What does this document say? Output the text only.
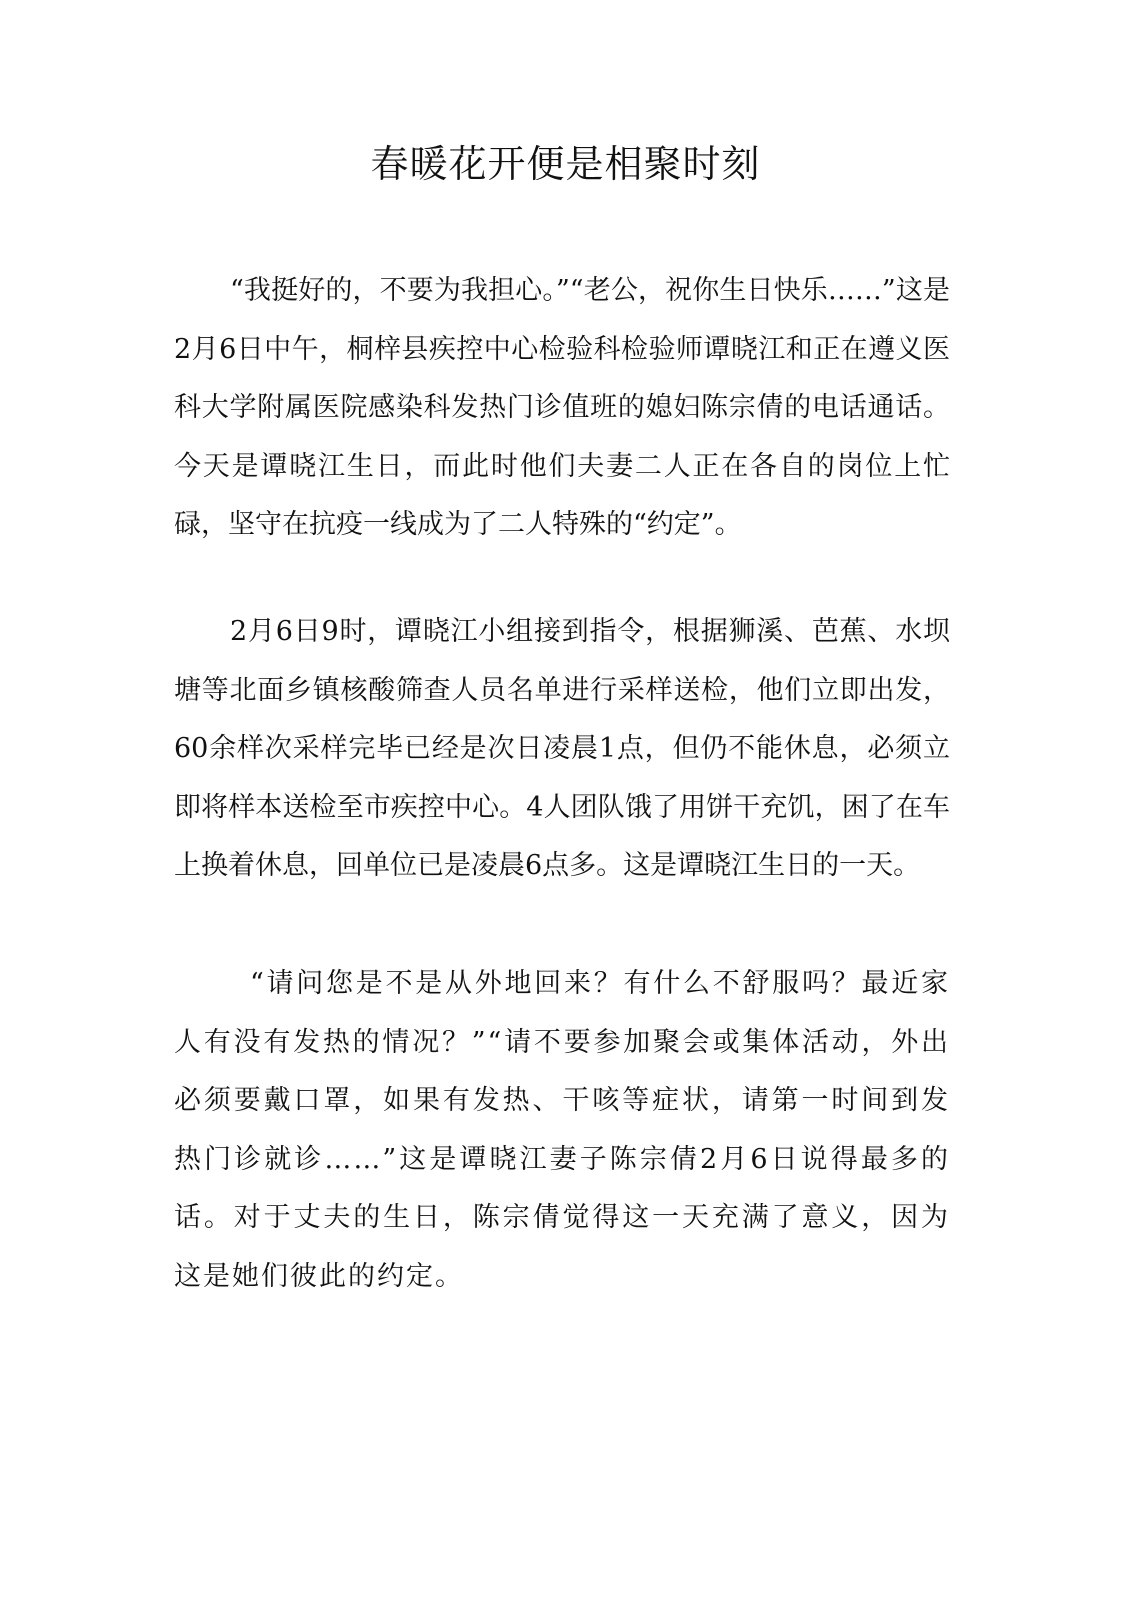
春暖花开便是相聚时刻

“我挺好的，不要为我担心。”“老公，祝你生日快乐……”这是2月6日中午，桐梓县疾控中心检验科检验师谭晓江和正在遵义医科大学附属医院感染科发热门诊值班的媳妇陈宗倩的电话通话。今天是谭晓江生日，而此时他们夫妻二人正在各自的岗位上忙碌，坚守在抗疫一线成为了二人特殊的“约定”。

2月6日9时，谭晓江小组接到指令，根据狮溪、芭蕉、水坝塘等北面乡镇核酸筛查人员名单进行采样送检，他们立即出发，60余样次采样完毕已经是次日凌晨1点，但仍不能休息，必须立即将样本送检至市疾控中心。4人团队饿了用饼干充饥，困了在车上换着休息，回单位已是凌晨6点多。这是谭晓江生日的一天。

“请问您是不是从外地回来？有什么不舒服吗？最近家人有没有发热的情况？”“请不要参加聚会或集体活动，外出必须要戴口罩，如果有发热、干咳等症状，请第一时间到发热门诊就诊……”这是谭晓江妻子陈宗倩2月6日说得最多的话。对于丈夫的生日，陈宗倩觉得这一天充满了意义，因为这是她们彼此的约定。
